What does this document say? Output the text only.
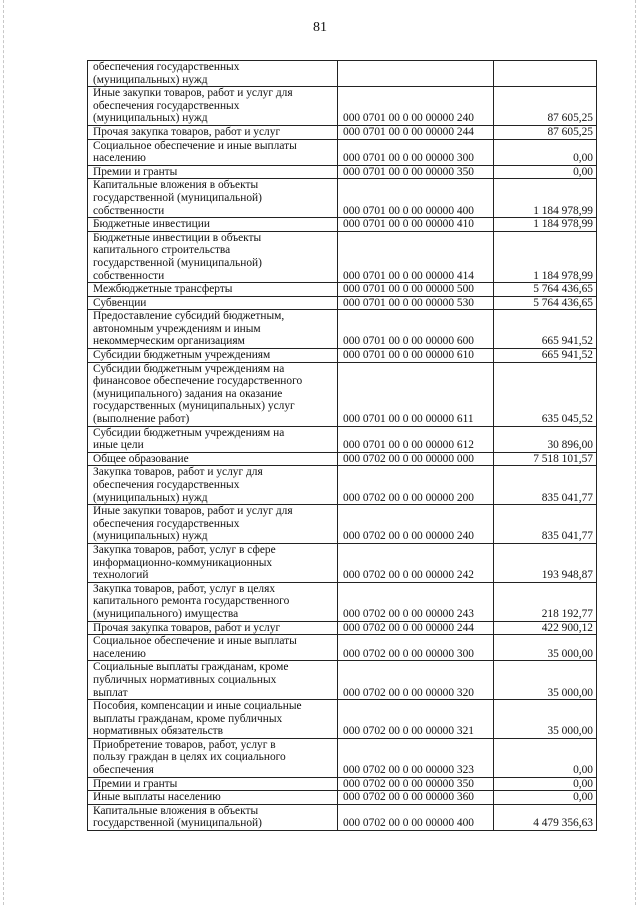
81
обеспечения государственных
(муниципальных) нужд		

Иные закупки товаров, работ и услуг для
обеспечения государственных
(муниципальных) нужд	000 0701 00 0 00 00000 240	87 605,25

Прочая закупка товаров, работ и услуг	000 0701 00 0 00 00000 244	87 605,25

Социальное обеспечение и иные выплаты
населению	000 0701 00 0 00 00000 300	0,00

Премии и гранты	000 0701 00 0 00 00000 350	0,00

Капитальные вложения в объекты
государственной (муниципальной)
собственности	000 0701 00 0 00 00000 400	1 184 978,99

Бюджетные инвестиции	000 0701 00 0 00 00000 410	1 184 978,99

Бюджетные инвестиции в объекты
капитального строительства
государственной (муниципальной)
собственности	000 0701 00 0 00 00000 414	1 184 978,99

Межбюджетные трансферты	000 0701 00 0 00 00000 500	5 764 436,65

Субвенции	000 0701 00 0 00 00000 530	5 764 436,65

Предоставление субсидий бюджетным,
автономным учреждениям и иным
некоммерческим организациям	000 0701 00 0 00 00000 600	665 941,52

Субсидии бюджетным учреждениям	000 0701 00 0 00 00000 610	665 941,52

Субсидии бюджетным учреждениям на
финансовое обеспечение государственного
(муниципального) задания на оказание
государственных (муниципальных) услуг
(выполнение работ)	000 0701 00 0 00 00000 611	635 045,52

Субсидии бюджетным учреждениям на
иные цели	000 0701 00 0 00 00000 612	30 896,00

Общее образование	000 0702 00 0 00 00000 000	7 518 101,57

Закупка товаров, работ и услуг для
обеспечения государственных
(муниципальных) нужд	000 0702 00 0 00 00000 200	835 041,77

Иные закупки товаров, работ и услуг для
обеспечения государственных
(муниципальных) нужд	000 0702 00 0 00 00000 240	835 041,77

Закупка товаров, работ, услуг в сфере
информационно-коммуникационных
технологий	000 0702 00 0 00 00000 242	193 948,87

Закупка товаров, работ, услуг в целях
капитального ремонта государственного
(муниципального) имущества	000 0702 00 0 00 00000 243	218 192,77

Прочая закупка товаров, работ и услуг	000 0702 00 0 00 00000 244	422 900,12

Социальное обеспечение и иные выплаты
населению	000 0702 00 0 00 00000 300	35 000,00

Социальные выплаты гражданам, кроме
публичных нормативных социальных
выплат	000 0702 00 0 00 00000 320	35 000,00

Пособия, компенсации и иные социальные
выплаты гражданам, кроме публичных
нормативных обязательств	000 0702 00 0 00 00000 321	35 000,00

Приобретение товаров, работ, услуг в
пользу граждан в целях их социального
обеспечения	000 0702 00 0 00 00000 323	0,00

Премии и гранты	000 0702 00 0 00 00000 350	0,00

Иные выплаты населению	000 0702 00 0 00 00000 360	0,00

Капитальные вложения в объекты
государственной (муниципальной)	000 0702 00 0 00 00000 400	4 479 356,63
